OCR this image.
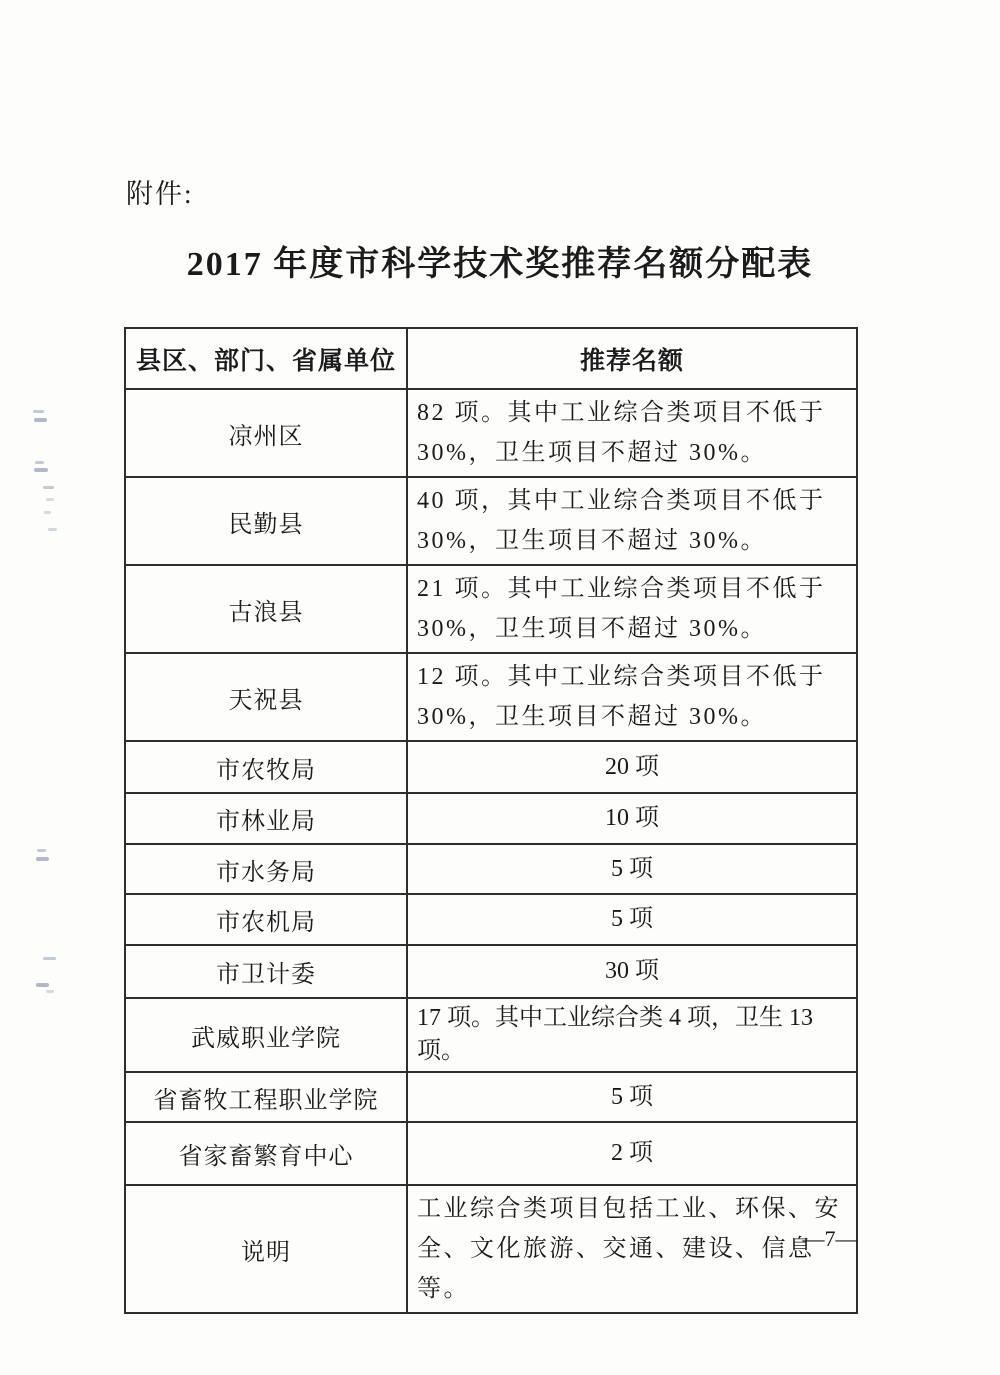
附件:
2017 年度市科学技术奖推荐名额分配表
县区、部门、省属单位	推荐名额
凉州区	82 项。其中工业综合类项目不低于 30%，卫生项目不超过 30%。
民勤县	40 项，其中工业综合类项目不低于 30%，卫生项目不超过 30%。
古浪县	21 项。其中工业综合类项目不低于 30%，卫生项目不超过 30%。
天祝县	12 项。其中工业综合类项目不低于 30%，卫生项目不超过 30%。
市农牧局	20 项
市林业局	10 项
市水务局	5 项
市农机局	5 项
市卫计委	30 项
武威职业学院	17 项。其中工业综合类 4 项，卫生 13 项。
省畜牧工程职业学院	5 项
省家畜繁育中心	2 项
说明	工业综合类项目包括工业、环保、安全、文化旅游、交通、建设、信息等。
—7—
